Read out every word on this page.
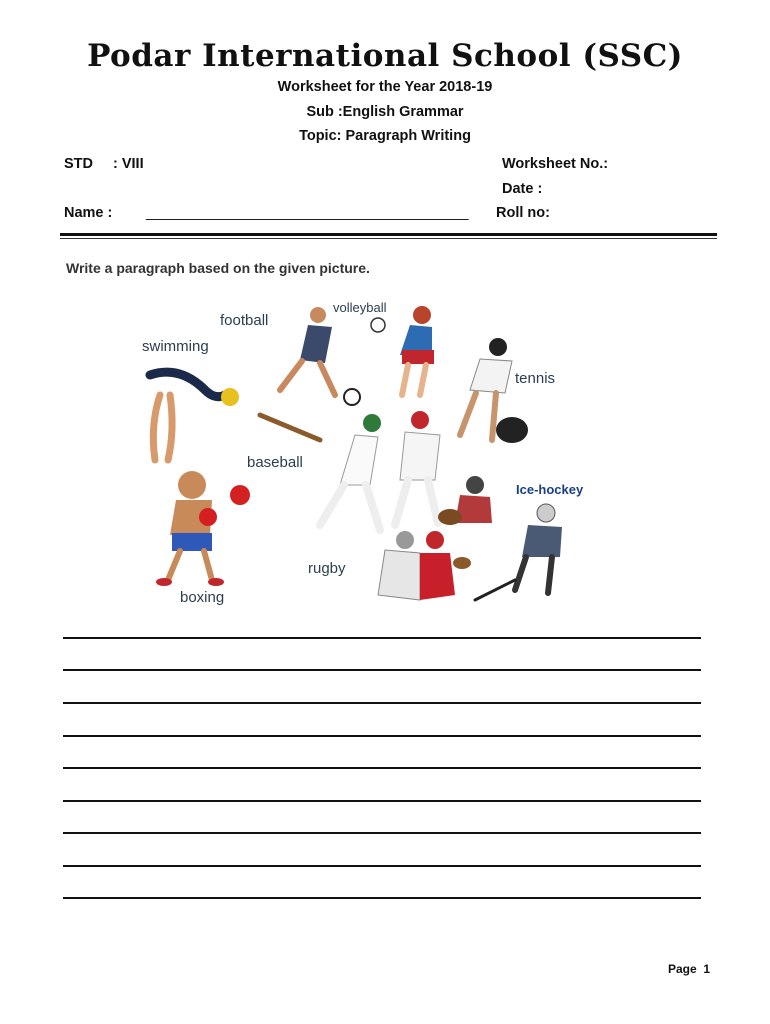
Podar International School (SSC)
Worksheet for the Year 2018-19
Sub :English Grammar
Topic: Paragraph Writing
STD : VIII	Worksheet No.:
Date :
Name : ________________________________________ Roll no:
Write a paragraph based on the given picture.
football
volleyball
swimming
tennis
baseball
Ice-hockey
rugby
boxing
Page 1
